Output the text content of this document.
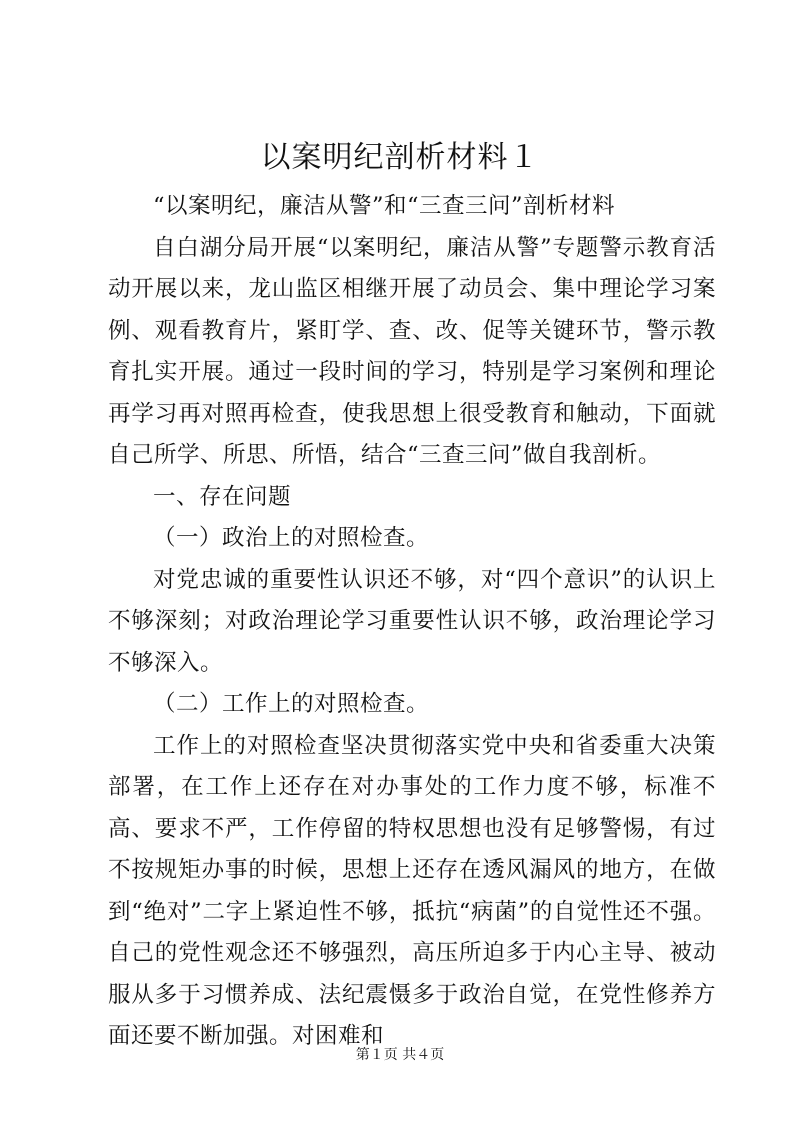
以案明纪剖析材料１

“以案明纪，廉洁从警”和“三查三问”剖析材料

自白湖分局开展“以案明纪，廉洁从警”专题警示教育活动开展以来，龙山监区相继开展了动员会、集中理论学习案例、观看教育片，紧盯学、查、改、促等关键环节，警示教育扎实开展。通过一段时间的学习，特别是学习案例和理论再学习再对照再检查，使我思想上很受教育和触动，下面就自己所学、所思、所悟，结合“三查三问”做自我剖析。

一、存在问题

（一）政治上的对照检查。

对党忠诚的重要性认识还不够，对“四个意识”的认识上不够深刻；对政治理论学习重要性认识不够，政治理论学习不够深入。

（二）工作上的对照检查。

工作上的对照检查坚决贯彻落实党中央和省委重大决策部署，在工作上还存在对办事处的工作力度不够，标准不高、要求不严，工作停留的特权思想也没有足够警惕，有过不按规矩办事的时候，思想上还存在透风漏风的地方，在做到“绝对”二字上紧迫性不够，抵抗“病菌”的自觉性还不强。自己的党性观念还不够强烈，高压所迫多于内心主导、被动服从多于习惯养成、法纪震慑多于政治自觉，在党性修养方面还要不断加强。对困难和

第１页 共４页
